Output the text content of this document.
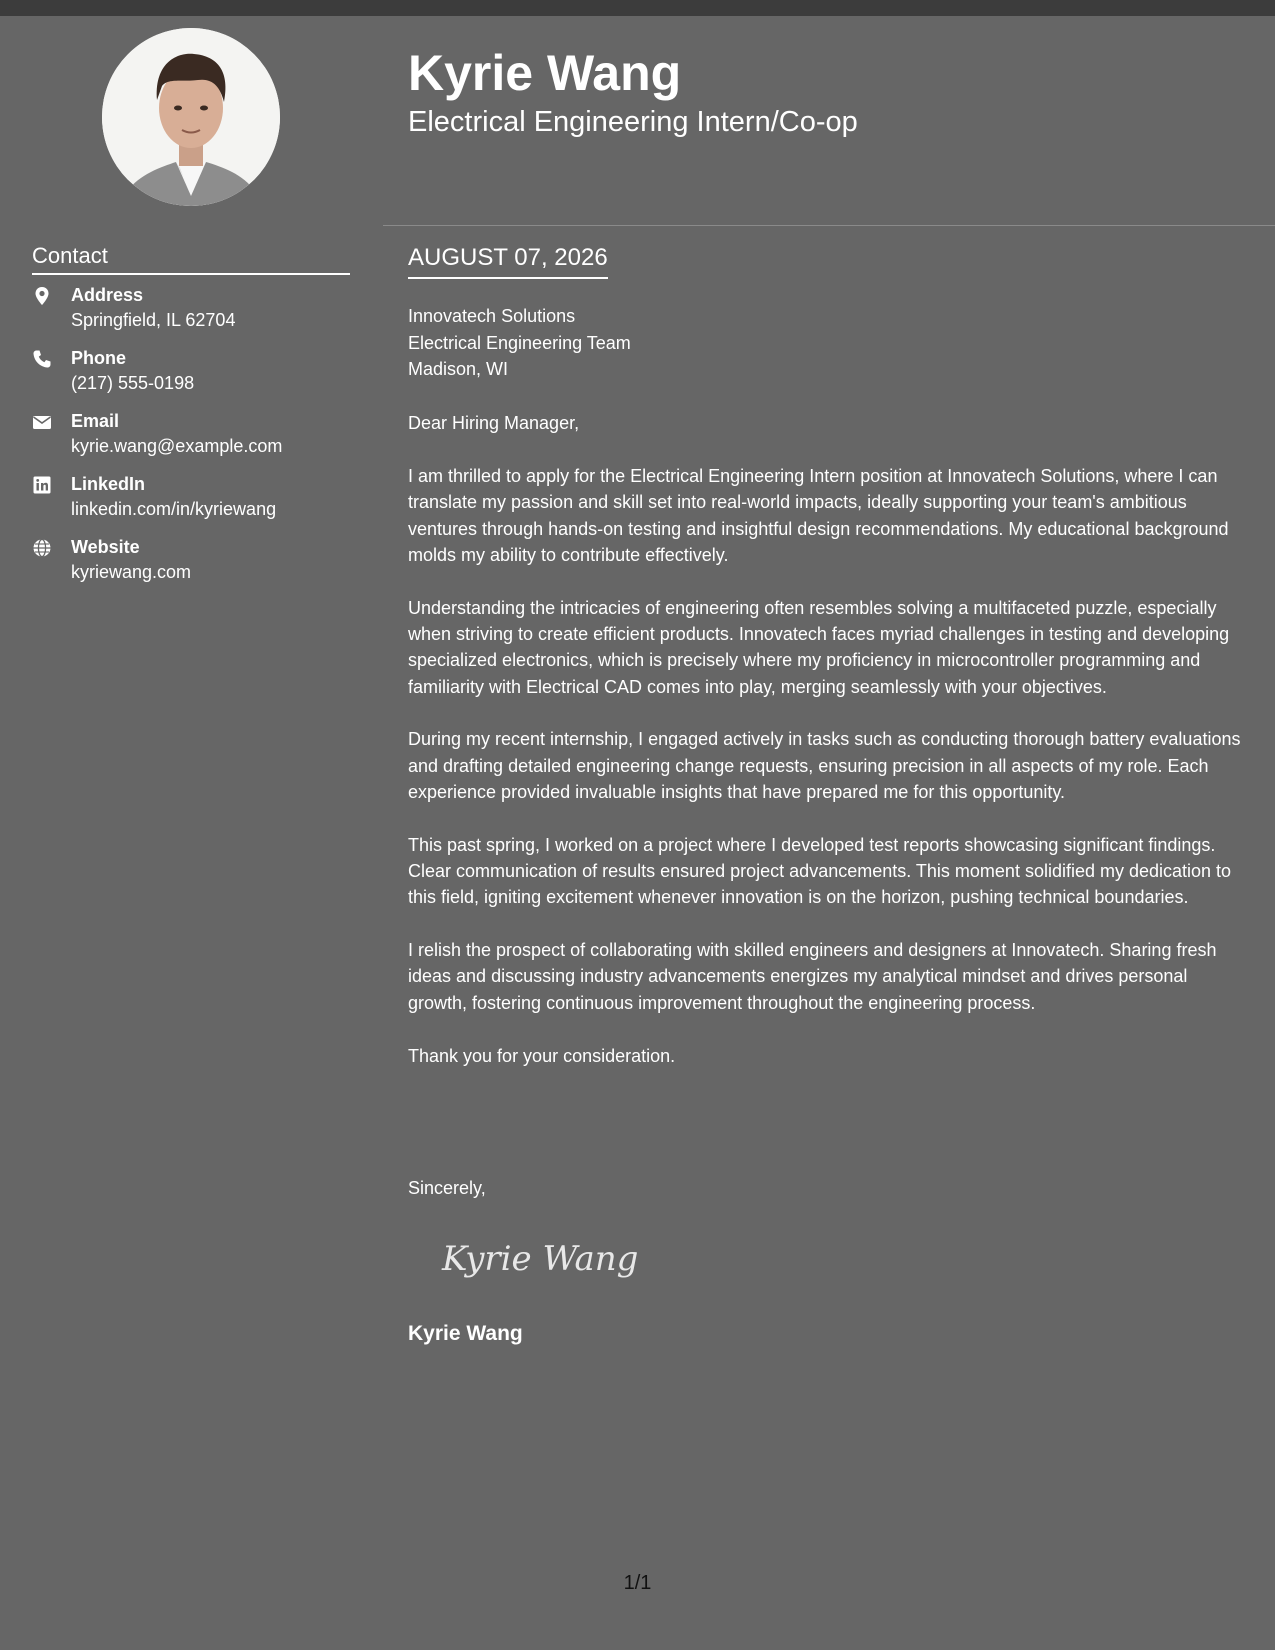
Contact
Address
Springfield, IL 62704
Phone
(217) 555-0198
Email
kyrie.wang@example.com
LinkedIn
linkedin.com/in/kyriewang
Website
kyriewang.com
Kyrie Wang
Electrical Engineering Intern/Co-op
AUGUST 07, 2026
Innovatech Solutions
Electrical Engineering Team
Madison, WI
Dear Hiring Manager,

I am thrilled to apply for the Electrical Engineering Intern position at Innovatech Solutions, where I can translate my passion and skill set into real-world impacts, ideally supporting your team's ambitious ventures through hands-on testing and insightful design recommendations. My educational background molds my ability to contribute effectively.

Understanding the intricacies of engineering often resembles solving a multifaceted puzzle, especially when striving to create efficient products. Innovatech faces myriad challenges in testing and developing specialized electronics, which is precisely where my proficiency in microcontroller programming and familiarity with Electrical CAD comes into play, merging seamlessly with your objectives.

During my recent internship, I engaged actively in tasks such as conducting thorough battery evaluations and drafting detailed engineering change requests, ensuring precision in all aspects of my role. Each experience provided invaluable insights that have prepared me for this opportunity.

This past spring, I worked on a project where I developed test reports showcasing significant findings. Clear communication of results ensured project advancements. This moment solidified my dedication to this field, igniting excitement whenever innovation is on the horizon, pushing technical boundaries.

I relish the prospect of collaborating with skilled engineers and designers at Innovatech. Sharing fresh ideas and discussing industry advancements energizes my analytical mindset and drives personal growth, fostering continuous improvement throughout the engineering process.

Thank you for your consideration.

Sincerely,
Kyrie Wang
Kyrie Wang
1/1
